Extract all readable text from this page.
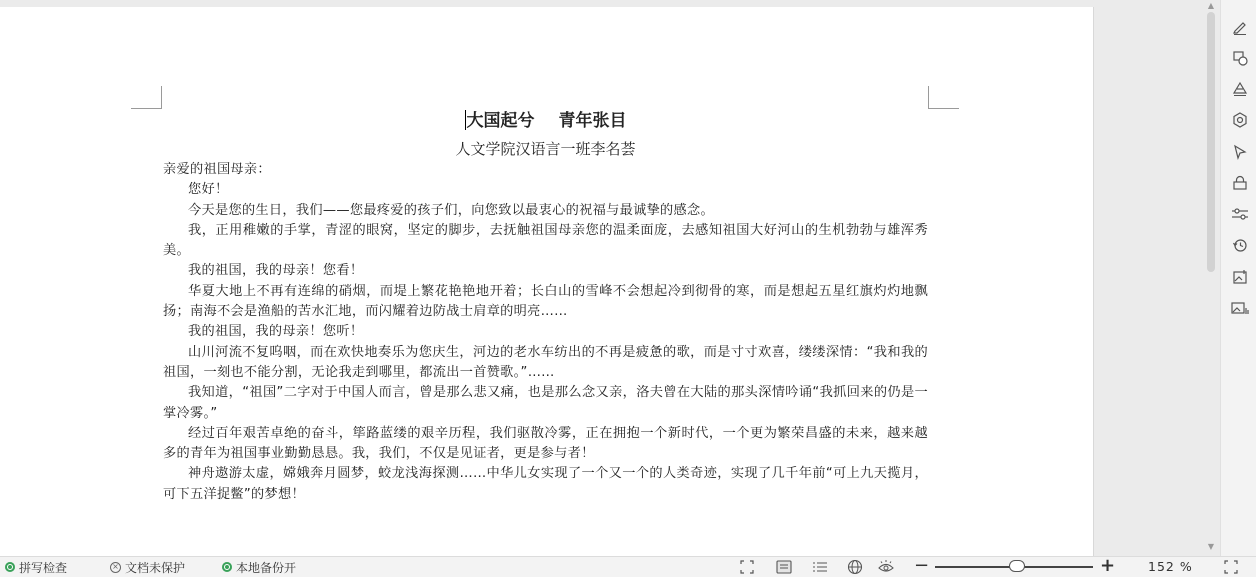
大国起兮 青年张目
人文学院汉语言一班李名荟

亲爱的祖国母亲：

您好！

今天是您的生日，我们——您最疼爱的孩子们，向您致以最衷心的祝福与最诚挚的感念。

我，正用稚嫩的手掌，青涩的眼窝，坚定的脚步，去抚触祖国母亲您的温柔面庞，去感知祖国大好河山的生机勃勃与雄浑秀美。

我的祖国，我的母亲！您看！

华夏大地上不再有连绵的硝烟，而堤上繁花艳艳地开着；长白山的雪峰不会想起冷到彻骨的寒，而是想起五星红旗灼灼地飘扬；南海不会是渔船的苦水汇地，而闪耀着边防战士肩章的明亮……

我的祖国，我的母亲！您听！

山川河流不复呜咽，而在欢快地奏乐为您庆生，河边的老水车纺出的不再是疲惫的歌，而是寸寸欢喜，缕缕深情：“我和我的祖国，一刻也不能分割，无论我走到哪里，都流出一首赞歌。”……

我知道，“祖国”二字对于中国人而言，曾是那么悲又痛，也是那么念又亲，洛夫曾在大陆的那头深情吟诵“我抓回来的仍是一掌冷雾。”

经过百年艰苦卓绝的奋斗，筚路蓝缕的艰辛历程，我们驱散冷雾，正在拥抱一个新时代，一个更为繁荣昌盛的未来，越来越多的青年为祖国事业勤勤恳恳。我，我们，不仅是见证者，更是参与者！

神舟遨游太虚，嫦娥奔月圆梦，蛟龙浅海探测……中华儿女实现了一个又一个的人类奇迹，实现了几千年前“可上九天揽月，可下五洋捉鳖”的梦想！

▲
▼
拼写检查	× 文档未保护	本地备份开	−	+	152 %
